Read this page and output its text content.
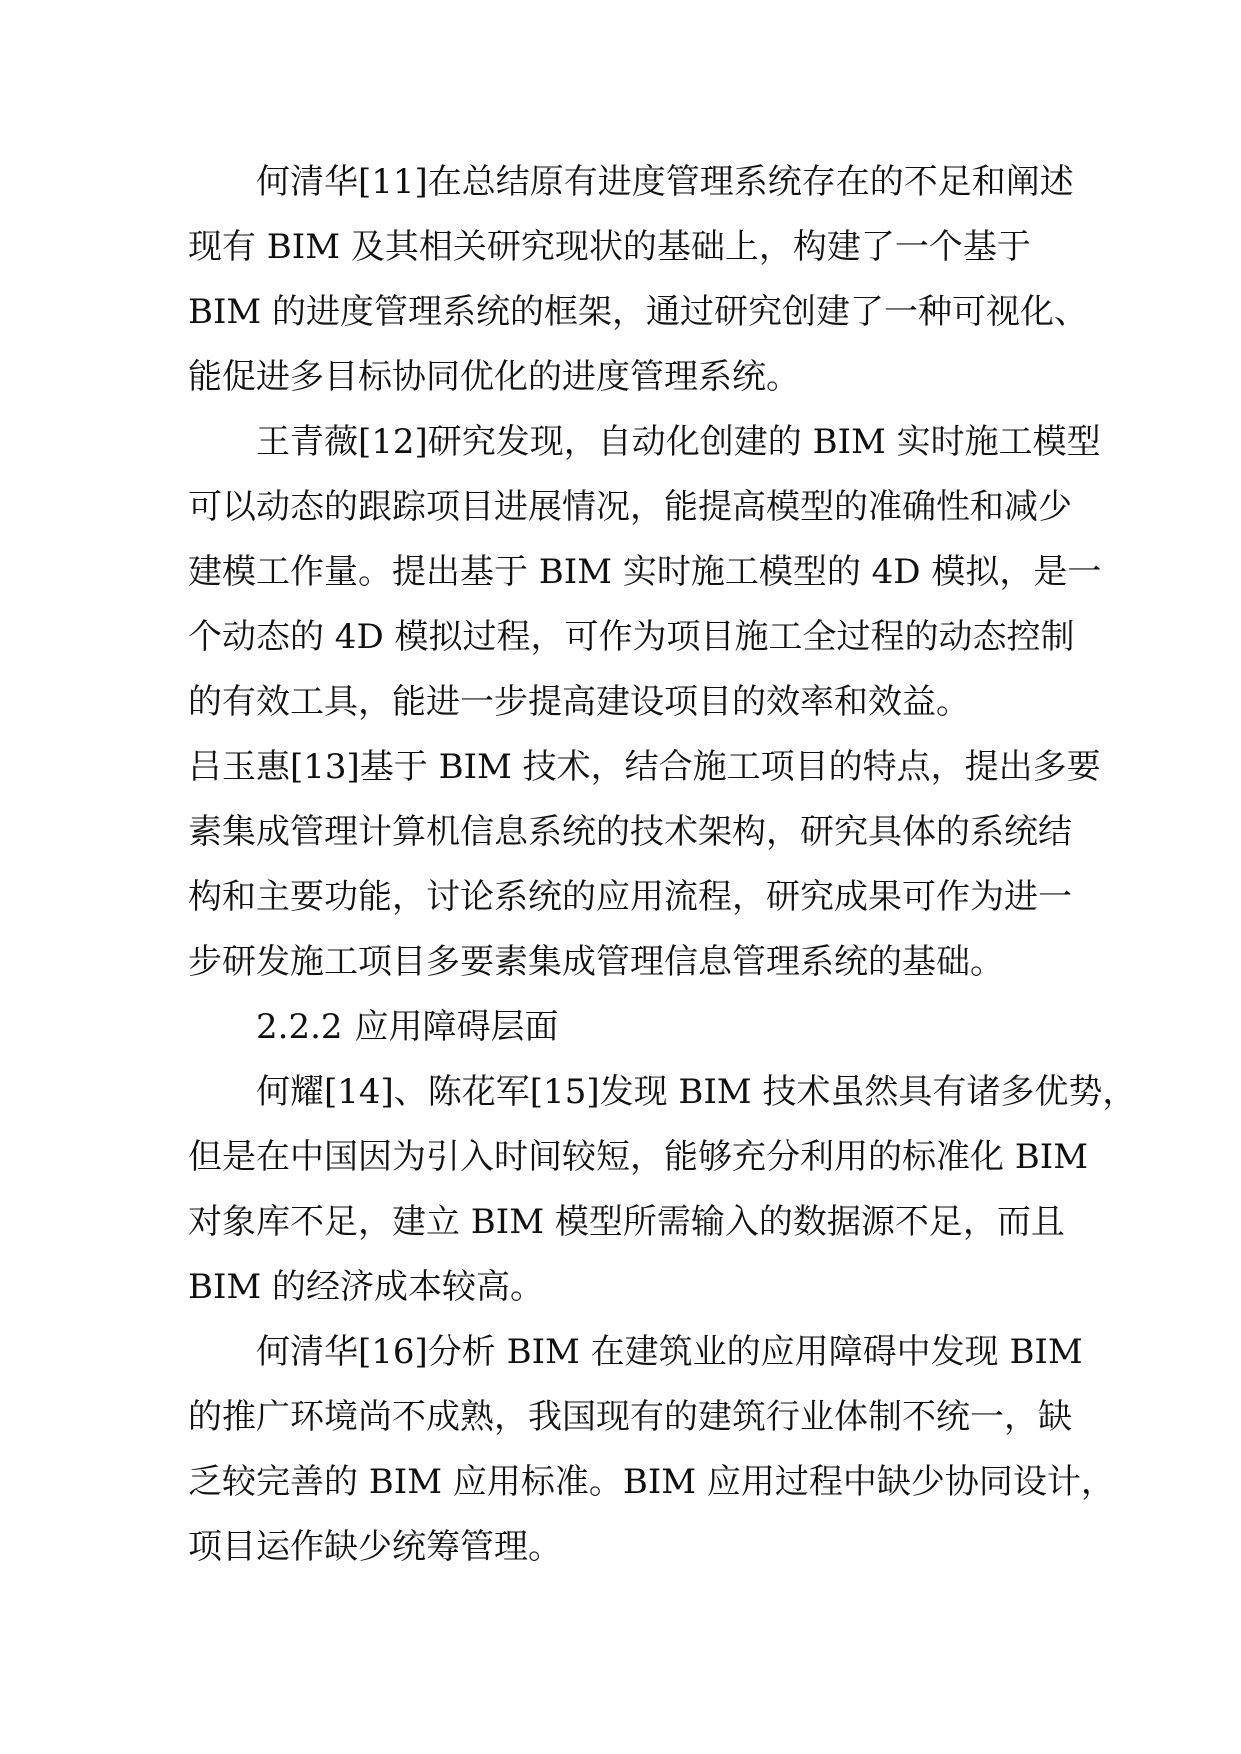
何清华[11]在总结原有进度管理系统存在的不足和阐述
现有 BIM 及其相关研究现状的基础上，构建了一个基于
BIM 的进度管理系统的框架，通过研究创建了一种可视化、
能促进多目标协同优化的进度管理系统。
王青薇[12]研究发现，自动化创建的 BIM 实时施工模型
可以动态的跟踪项目进展情况，能提高模型的准确性和减少
建模工作量。提出基于 BIM 实时施工模型的 4D 模拟，是一
个动态的 4D 模拟过程，可作为项目施工全过程的动态控制
的有效工具，能进一步提高建设项目的效率和效益。
吕玉惠[13]基于 BIM 技术，结合施工项目的特点，提出多要
素集成管理计算机信息系统的技术架构，研究具体的系统结
构和主要功能，讨论系统的应用流程，研究成果可作为进一
步研发施工项目多要素集成管理信息管理系统的基础。
2.2.2 应用障碍层面
何耀[14]、陈花军[15]发现 BIM 技术虽然具有诸多优势，
但是在中国因为引入时间较短，能够充分利用的标准化 BIM
对象库不足，建立 BIM 模型所需输入的数据源不足，而且
BIM 的经济成本较高。
何清华[16]分析 BIM 在建筑业的应用障碍中发现 BIM
的推广环境尚不成熟，我国现有的建筑行业体制不统一，缺
乏较完善的 BIM 应用标准。BIM 应用过程中缺少协同设计，
项目运作缺少统筹管理。
